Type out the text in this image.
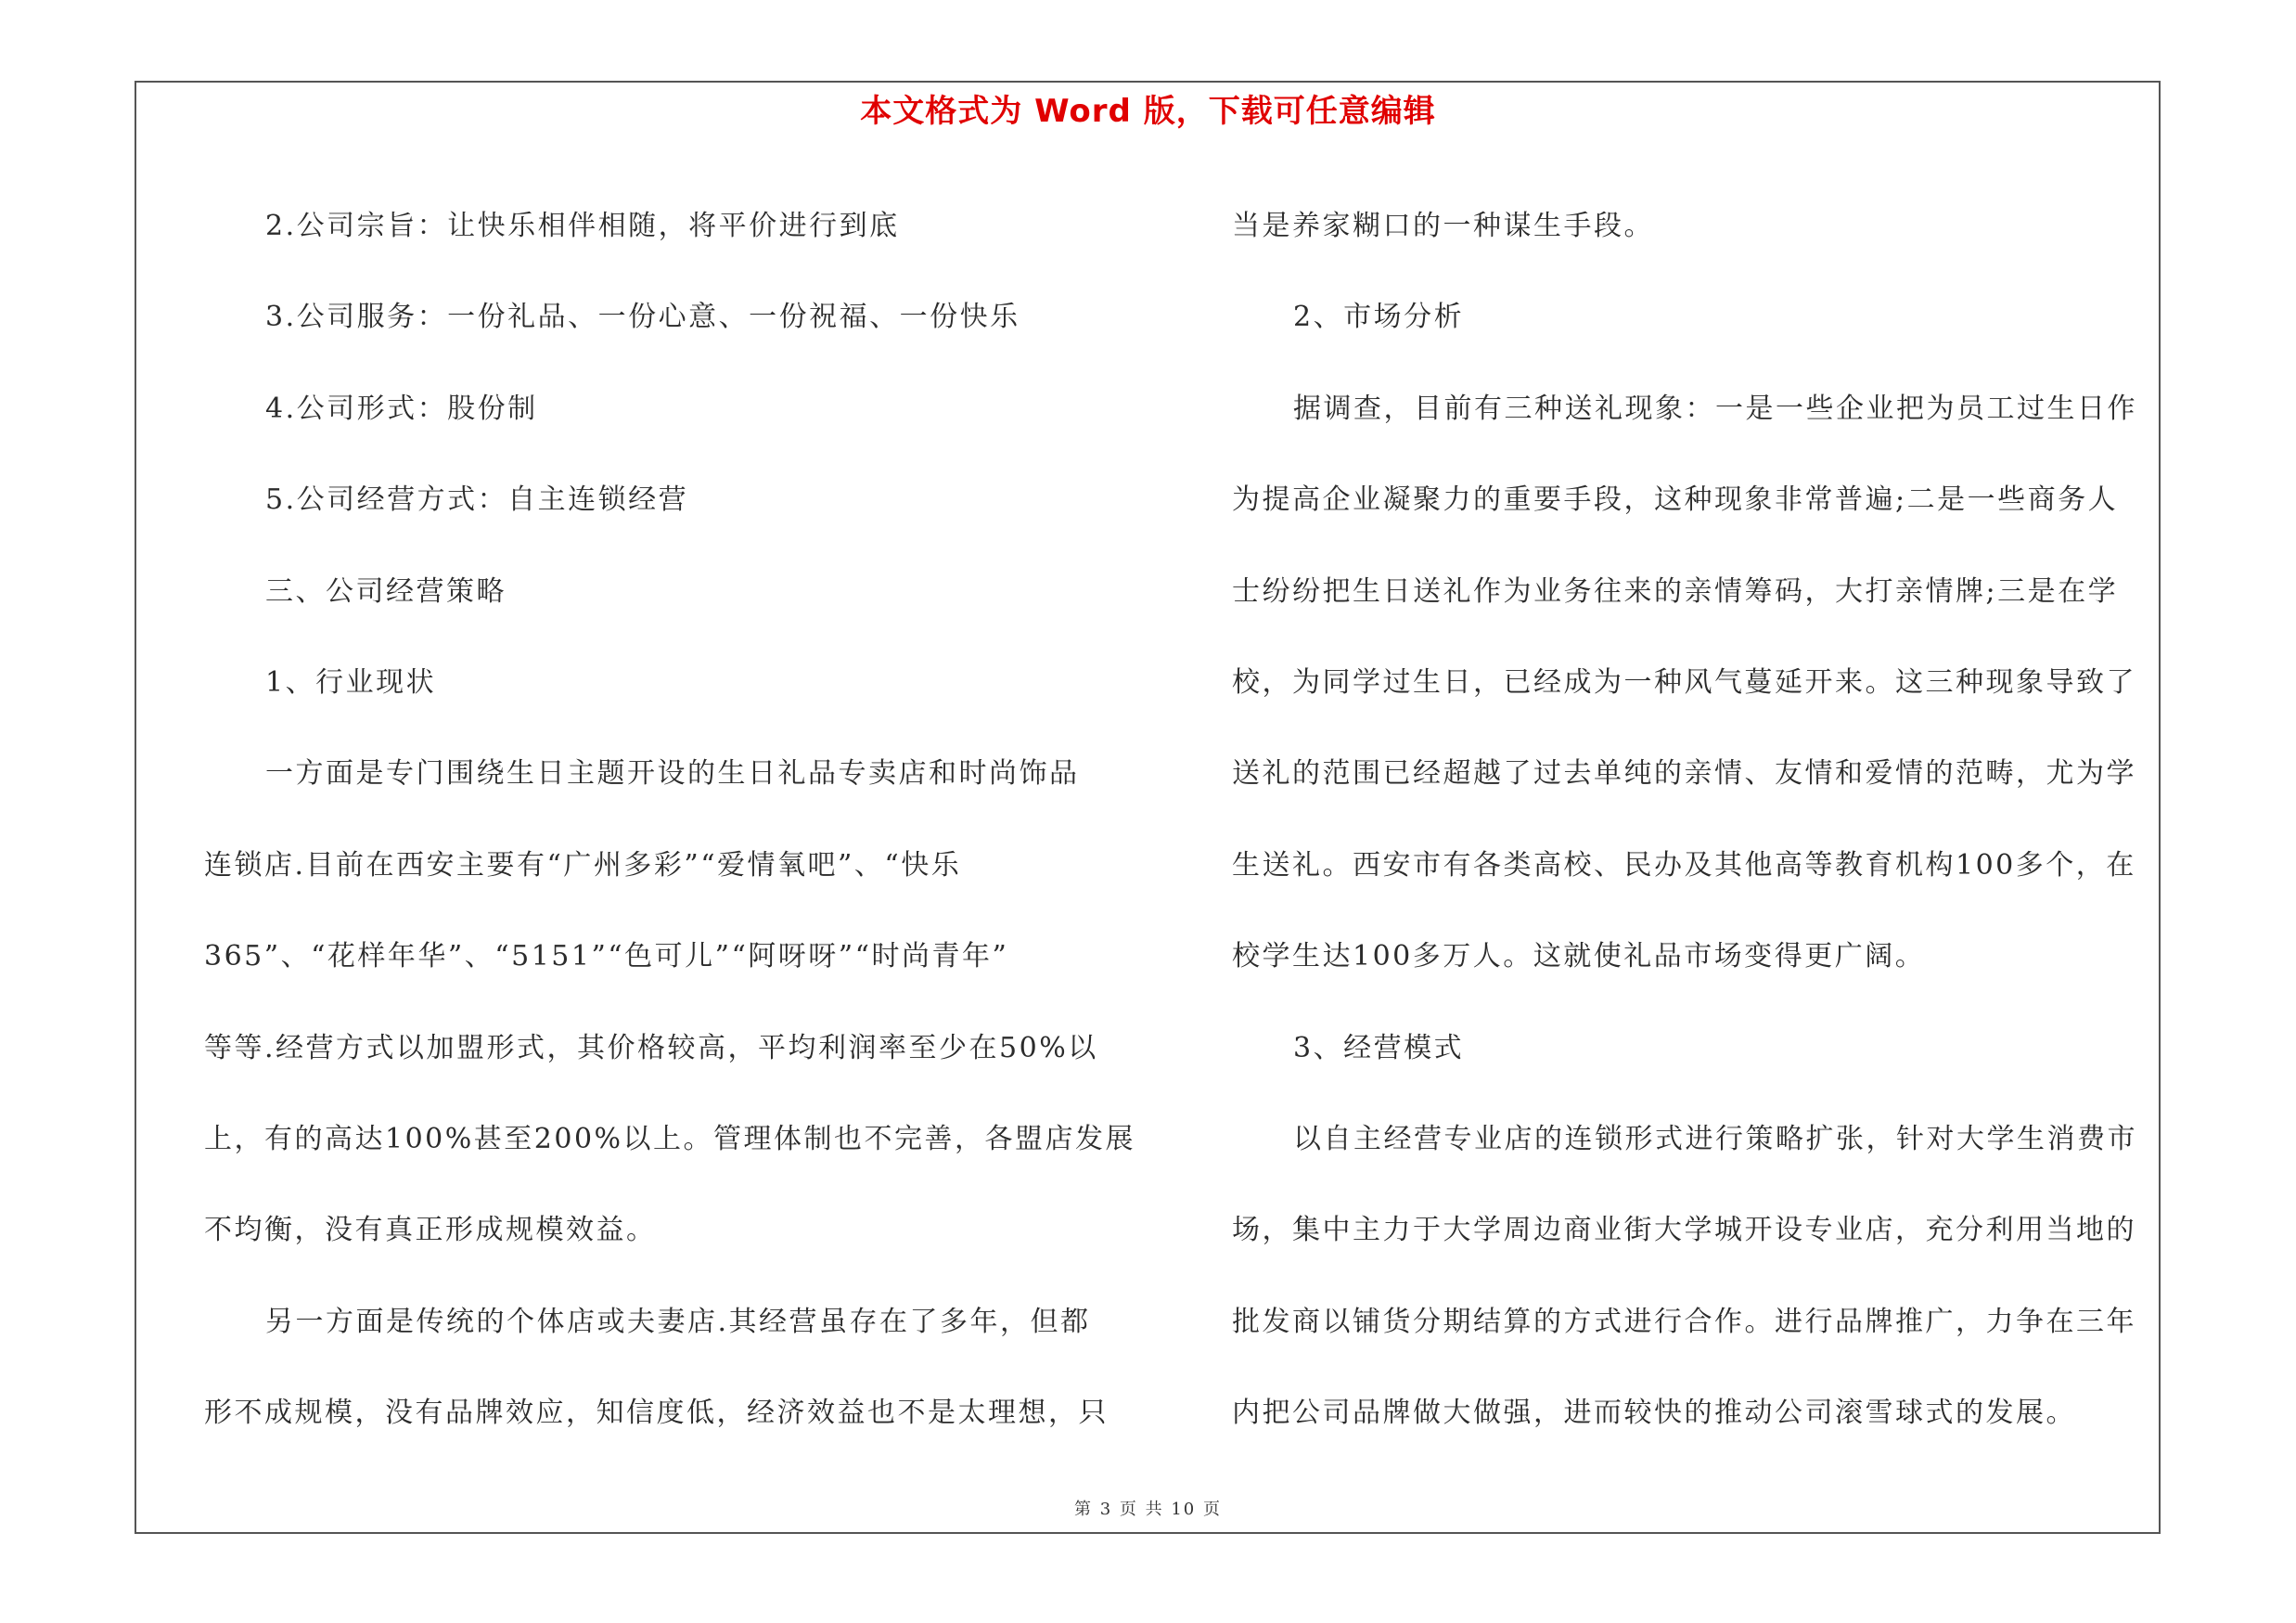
本文格式为 Word 版，下载可任意编辑

2.公司宗旨：让快乐相伴相随，将平价进行到底

3.公司服务：一份礼品、一份心意、一份祝福、一份快乐

4.公司形式：股份制

5.公司经营方式：自主连锁经营

三、公司经营策略

1、行业现状

一方面是专门围绕生日主题开设的生日礼品专卖店和时尚饰品

连锁店.目前在西安主要有“广州多彩”“爱情氧吧”、“快乐

365”、“花样年华”、“5151”“色可儿”“阿呀呀”“时尚青年”

等等.经营方式以加盟形式，其价格较高，平均利润率至少在50%以

上，有的高达100%甚至200%以上。管理体制也不完善，各盟店发展

不均衡，没有真正形成规模效益。

另一方面是传统的个体店或夫妻店.其经营虽存在了多年，但都

形不成规模，没有品牌效应，知信度低，经济效益也不是太理想，只

当是养家糊口的一种谋生手段。

2、市场分析

据调查，目前有三种送礼现象：一是一些企业把为员工过生日作

为提高企业凝聚力的重要手段，这种现象非常普遍;二是一些商务人

士纷纷把生日送礼作为业务往来的亲情筹码，大打亲情牌;三是在学

校，为同学过生日，已经成为一种风气蔓延开来。这三种现象导致了

送礼的范围已经超越了过去单纯的亲情、友情和爱情的范畴，尤为学

生送礼。西安市有各类高校、民办及其他高等教育机构100多个，在

校学生达100多万人。这就使礼品市场变得更广阔。

3、经营模式

以自主经营专业店的连锁形式进行策略扩张，针对大学生消费市

场，集中主力于大学周边商业街大学城开设专业店，充分利用当地的

批发商以铺货分期结算的方式进行合作。进行品牌推广，力争在三年

内把公司品牌做大做强，进而较快的推动公司滚雪球式的发展。

第 3 页 共 10 页
